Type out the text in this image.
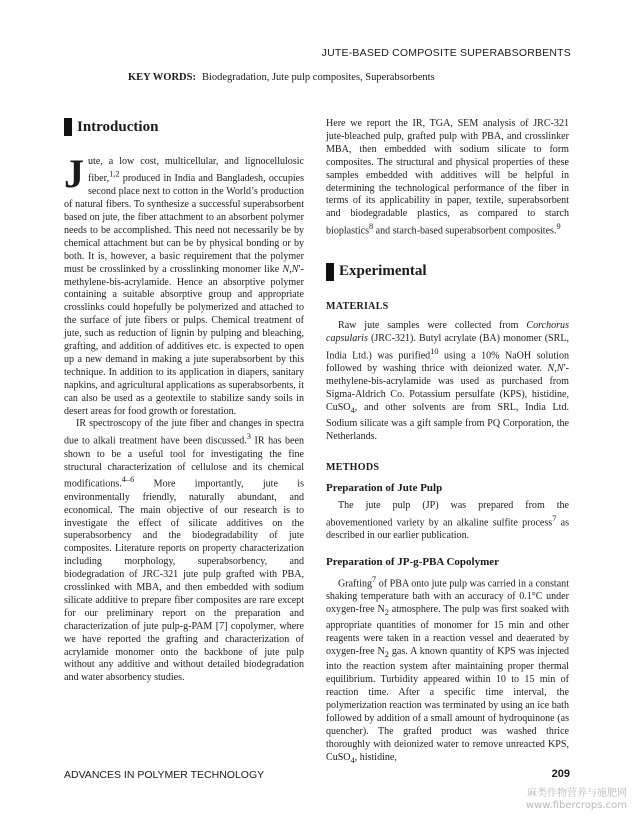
JUTE-BASED COMPOSITE SUPERABSORBENTS
KEY WORDS: Biodegradation, Jute pulp composites, Superabsorbents
Introduction

Jute, a low cost, multicellular, and lignocellulosic fiber,$^{1,2}$ produced in India and Bangladesh, occupies second place next to cotton in the World’s production of natural fibers. To synthesize a successful superabsorbent based on jute, the fiber attachment to an absorbent polymer needs to be accomplished. This need not necessarily be by chemical attachment but can be by physical bonding or by both. It is, however, a basic requirement that the polymer must be crosslinked by a crosslinking monomer like N,N′-methylene-bis-acrylamide. Hence an absorptive polymer containing a suitable absorptive group and appropriate crosslinks could hopefully be polymerized and attached to the surface of jute fibers or pulps. Chemical treatment of jute, such as reduction of lignin by pulping and bleaching, grafting, and addition of additives etc. is expected to open up a new demand in making a jute superabsorbent by this technique. In addition to its application in diapers, sanitary napkins, and agricultural applications as superabsorbents, it can also be used as a geotextile to stabilize sandy soils in desert areas for food growth or forestation.

IR spectroscopy of the jute fiber and changes in spectra due to alkali treatment have been discussed.$^3$ IR has been shown to be a useful tool for investigating the fine structural characterization of cellulose and its chemical modifications.$^{4-6}$ More importantly, jute is environmentally friendly, naturally abundant, and economical. The main objective of our research is to investigate the effect of silicate additives on the superabsorbency and the biodegradability of jute composites. Literature reports on property characterization including morphology, superabsorbency, and biodegradation of JRC-321 jute pulp grafted with PBA, crosslinked with MBA, and then embedded with sodium silicate additive to prepare fiber composites are rare except for our preliminary report on the preparation and characterization of jute pulp-g-PAM [7] copolymer, where we have reported the grafting and characterization of acrylamide monomer onto the backbone of jute pulp without any additive and without detailed biodegradation and water absorbency studies.

Here we report the IR, TGA, SEM analysis of JRC-321 jute-bleached pulp, grafted pulp with PBA, and crosslinker MBA, then embedded with sodium silicate to form composites. The structural and physical properties of these samples embedded with additives will be helpful in determining the technological performance of the fiber in terms of its applicability in paper, textile, superabsorbent and biodegradable plastics, as compared to starch bioplastics$^8$ and starch-based superabsorbent composites.$^9$

Experimental
MATERIALS

Raw jute samples were collected from Corchorus capsularis (JRC-321). Butyl acrylate (BA) monomer (SRL, India Ltd.) was purified$^{10}$ using a 10% NaOH solution followed by washing thrice with deionized water. N,N′-methylene-bis-acrylamide was used as purchased from Sigma-Aldrich Co. Potassium persulfate (KPS), histidine, CuSO$_4$, and other solvents are from SRL, India Ltd. Sodium silicate was a gift sample from PQ Corporation, the Netherlands.

METHODS
Preparation of Jute Pulp

The jute pulp (JP) was prepared from the abovementioned variety by an alkaline sulfite process$^7$ as described in our earlier publication.

Preparation of JP-g-PBA Copolymer

Grafting$^7$ of PBA onto jute pulp was carried in a constant shaking temperature bath with an accuracy of 0.1°C under oxygen-free $N_2$ atmosphere. The pulp was first soaked with appropriate quantities of monomer for 15 min and other reagents were taken in a reaction vessel and deaerated by oxygen-free $N_2$ gas. A known quantity of KPS was injected into the reaction system after maintaining proper thermal equilibrium. Turbidity appeared within 10 to 15 min of reaction time. After a specific time interval, the polymerization reaction was terminated by using an ice bath followed by addition of a small amount of hydroquinone (as quencher). The grafted product was washed thrice thoroughly with deionized water to remove unreacted KPS, CuSO$_4$, histidine,

ADVANCES IN POLYMER TECHNOLOGY	209
麻类作物营养与施肥网
www.fibercrops.com
